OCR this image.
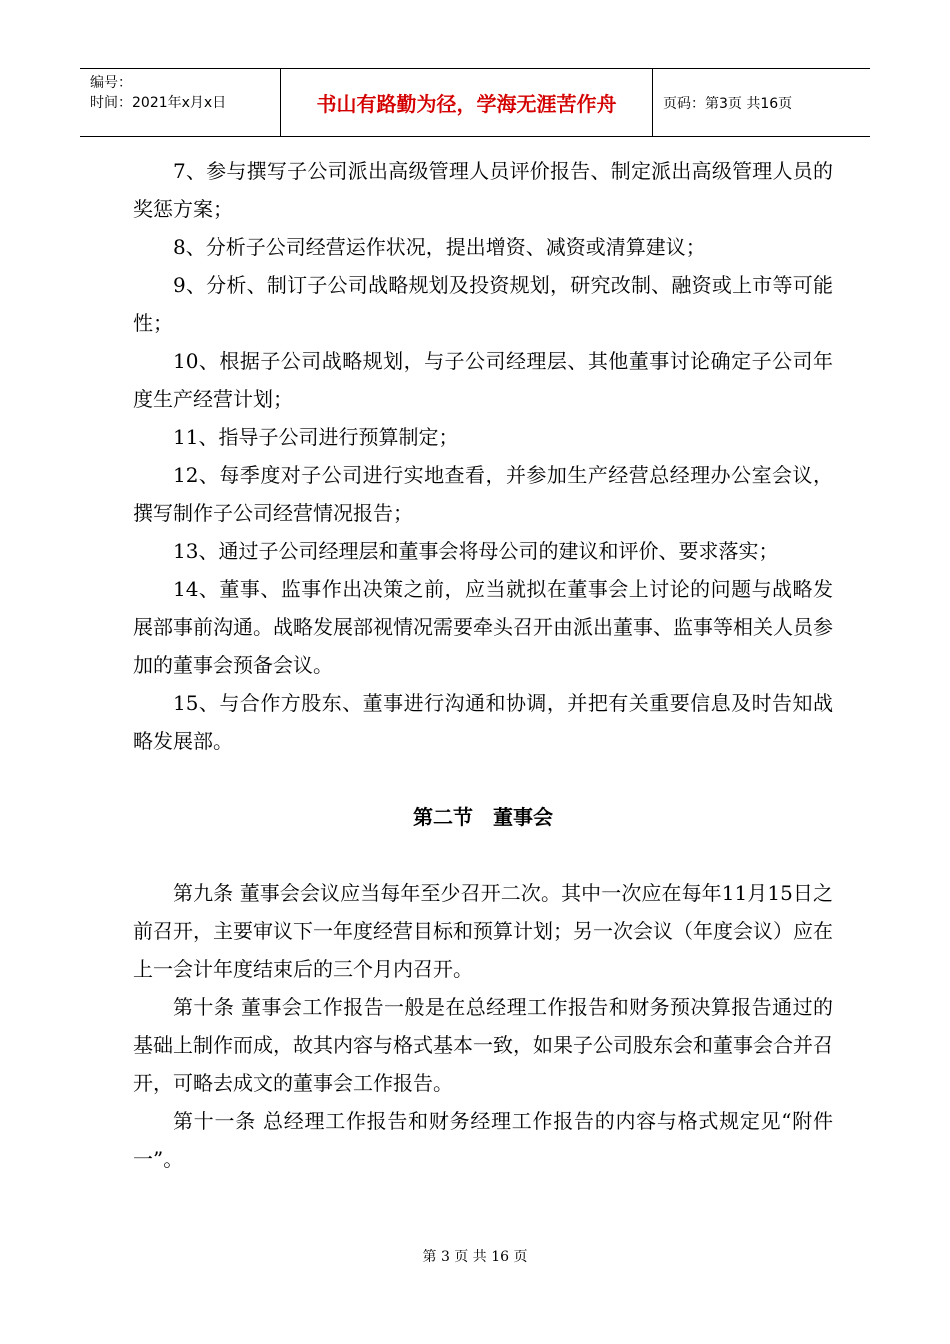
编号：
时间：2021年x月x日	书山有路勤为径，学海无涯苦作舟	页码：第3页 共16页

7、参与撰写子公司派出高级管理人员评价报告、制定派出高级管理人员的奖惩方案；

8、分析子公司经营运作状况，提出增资、减资或清算建议；

9、分析、制订子公司战略规划及投资规划，研究改制、融资或上市等可能性；

10、根据子公司战略规划，与子公司经理层、其他董事讨论确定子公司年度生产经营计划；

11、指导子公司进行预算制定；

12、每季度对子公司进行实地查看，并参加生产经营总经理办公室会议，撰写制作子公司经营情况报告；

13、通过子公司经理层和董事会将母公司的建议和评价、要求落实；

14、董事、监事作出决策之前，应当就拟在董事会上讨论的问题与战略发展部事前沟通。战略发展部视情况需要牵头召开由派出董事、监事等相关人员参加的董事会预备会议。

15、与合作方股东、董事进行沟通和协调，并把有关重要信息及时告知战略发展部。

第二节　董事会

第九条 董事会会议应当每年至少召开二次。其中一次应在每年11月15日之前召开，主要审议下一年度经营目标和预算计划；另一次会议（年度会议）应在上一会计年度结束后的三个月内召开。

第十条 董事会工作报告一般是在总经理工作报告和财务预决算报告通过的基础上制作而成，故其内容与格式基本一致，如果子公司股东会和董事会合并召开，可略去成文的董事会工作报告。

第十一条 总经理工作报告和财务经理工作报告的内容与格式规定见“附件一”。

第 3 页 共 16 页
